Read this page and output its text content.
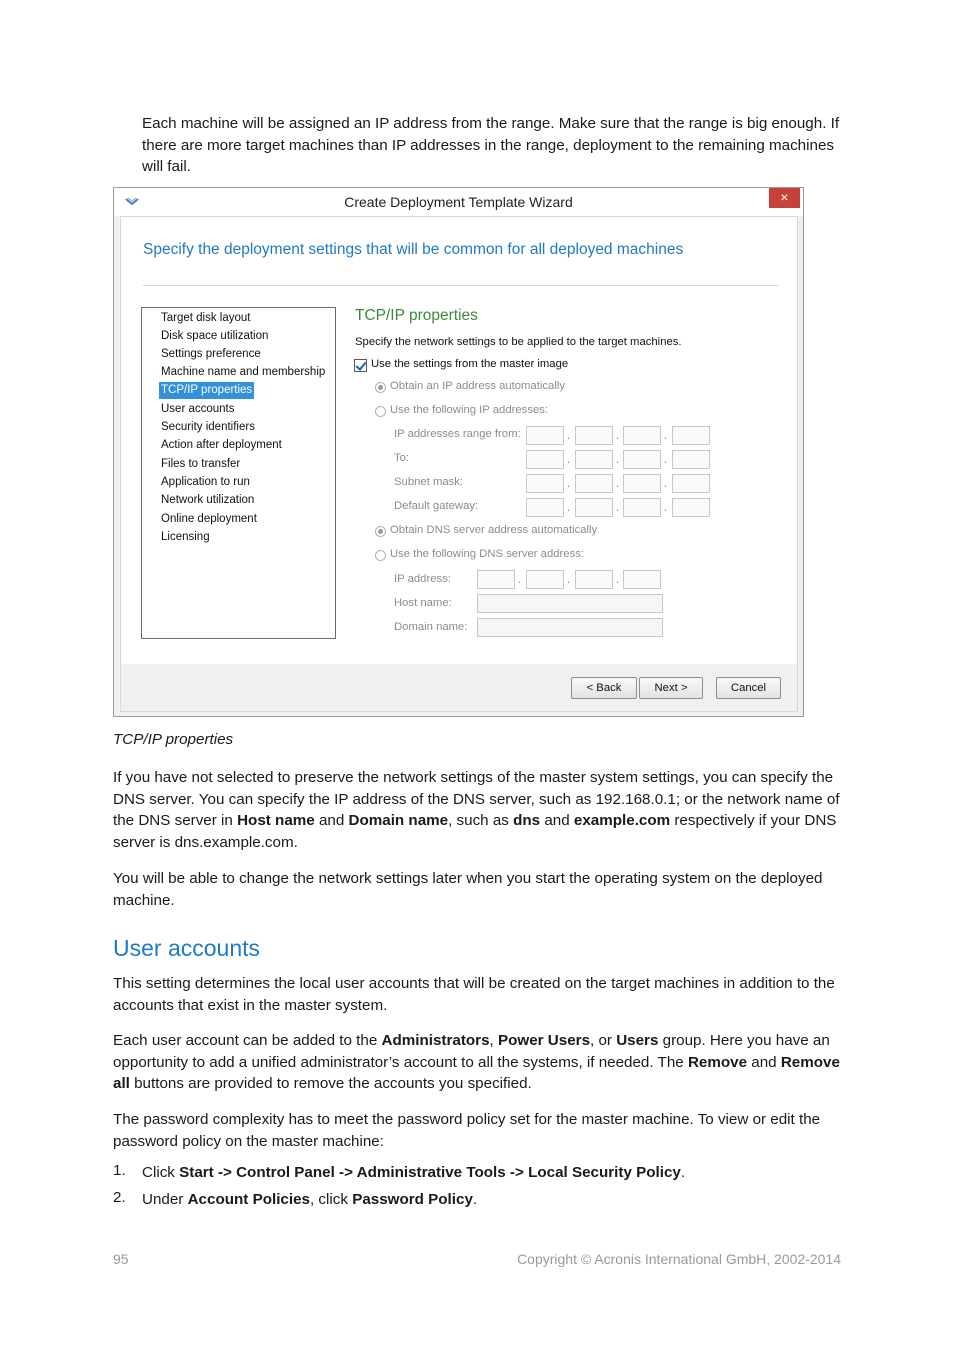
Each machine will be assigned an IP address from the range. Make sure that the range is big enough. If there are more target machines than IP addresses in the range, deployment to the remaining machines will fail.

Create Deployment Template Wizard	×
Specify the deployment settings that will be common for all deployed machines
Target disk layout
Disk space utilization
Settings preference
Machine name and membership
TCP/IP properties
User accounts
Security identifiers
Action after deployment
Files to transfer
Application to run
Network utilization
Online deployment
Licensing
TCP/IP properties
Specify the network settings to be applied to the target machines.
Use the settings from the master image
Obtain an IP address automatically
Use the following IP addresses:
IP addresses range from:	.	.	.
To:	.	.	.
Subnet mask:	.	.	.
Default gateway:	.	.	.
Obtain DNS server address automatically
Use the following DNS server address:
IP address:	.	.	.
Host name:
Domain name:
< Back	Next >	Cancel
TCP/IP properties

If you have not selected to preserve the network settings of the master system settings, you can specify the DNS server. You can specify the IP address of the DNS server, such as 192.168.0.1; or the network name of the DNS server in Host name and Domain name, such as dns and example.com respectively if your DNS server is dns.example.com.

You will be able to change the network settings later when you start the operating system on the deployed machine.

User accounts

This setting determines the local user accounts that will be created on the target machines in addition to the accounts that exist in the master system.

Each user account can be added to the Administrators, Power Users, or Users group. Here you have an opportunity to add a unified administrator’s account to all the systems, if needed. The Remove and Remove all buttons are provided to remove the accounts you specified.

The password complexity has to meet the password policy set for the master machine. To view or edit the password policy on the master machine:

1. Click Start -> Control Panel -> Administrative Tools -> Local Security Policy.

2. Under Account Policies, click Password Policy.

95	Copyright © Acronis International GmbH, 2002-2014
